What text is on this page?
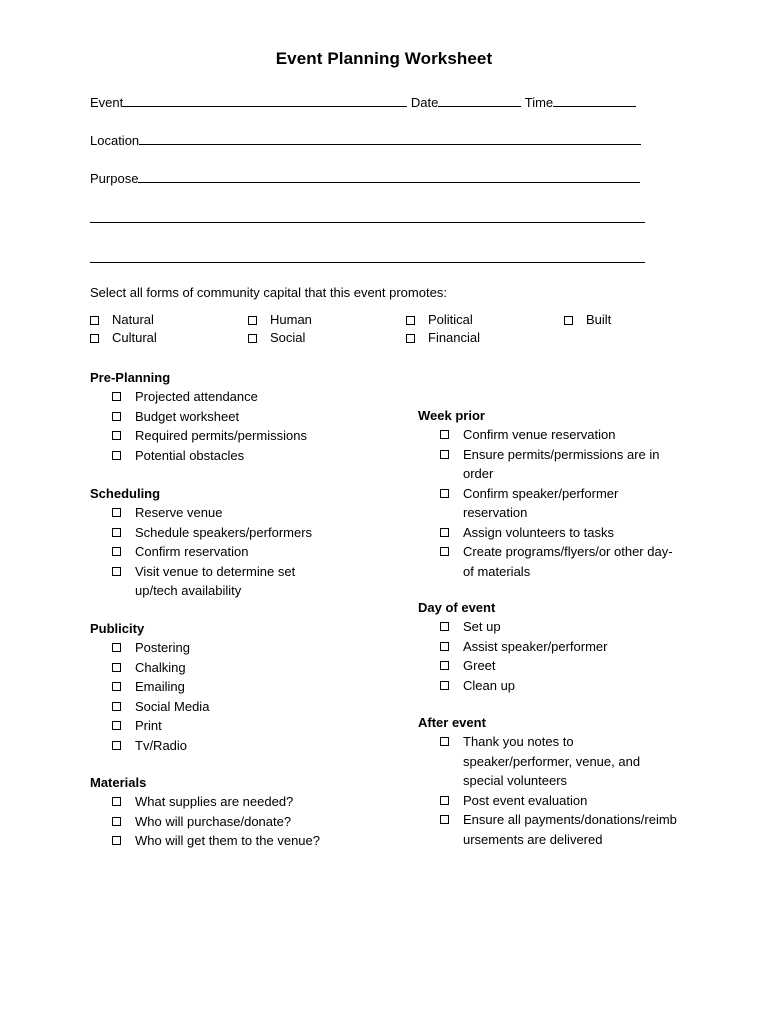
Event Planning Worksheet
Event	Date	Time
Location
Purpose
Select all forms of community capital that this event promotes:
Natural	Human	Political	Built
Cultural	Social	Financial
Pre-Planning
Projected attendance
Budget worksheet
Required permits/permissions
Potential obstacles
Scheduling
Reserve venue
Schedule speakers/performers
Confirm reservation
Visit venue to determine set up/tech availability
Publicity
Postering
Chalking
Emailing
Social Media
Print
Tv/Radio
Materials
What supplies are needed?
Who will purchase/donate?
Who will get them to the venue?
Week prior
Confirm venue reservation
Ensure permits/permissions are in order
Confirm speaker/performer reservation
Assign volunteers to tasks
Create programs/flyers/or other day-of materials
Day of event
Set up
Assist speaker/performer
Greet
Clean up
After event
Thank you notes to speaker/performer, venue, and special volunteers
Post event evaluation
Ensure all payments/donations/reimbursements are delivered
